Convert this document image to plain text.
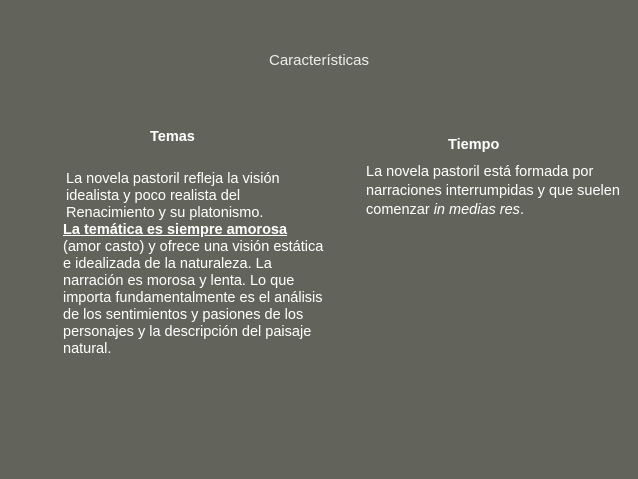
Características
Temas	Tiempo
La novela pastoril refleja la visión idealista y poco realista del Renacimiento y su platonismo.
La temática es siempre amorosa (amor casto) y ofrece una visión estática e idealizada de la naturaleza. La narración es morosa y lenta. Lo que importa fundamentalmente es el análisis de los sentimientos y pasiones de los personajes y la descripción del paisaje natural.
La novela pastoril está formada por narraciones interrumpidas y que suelen comenzar in medias res.
